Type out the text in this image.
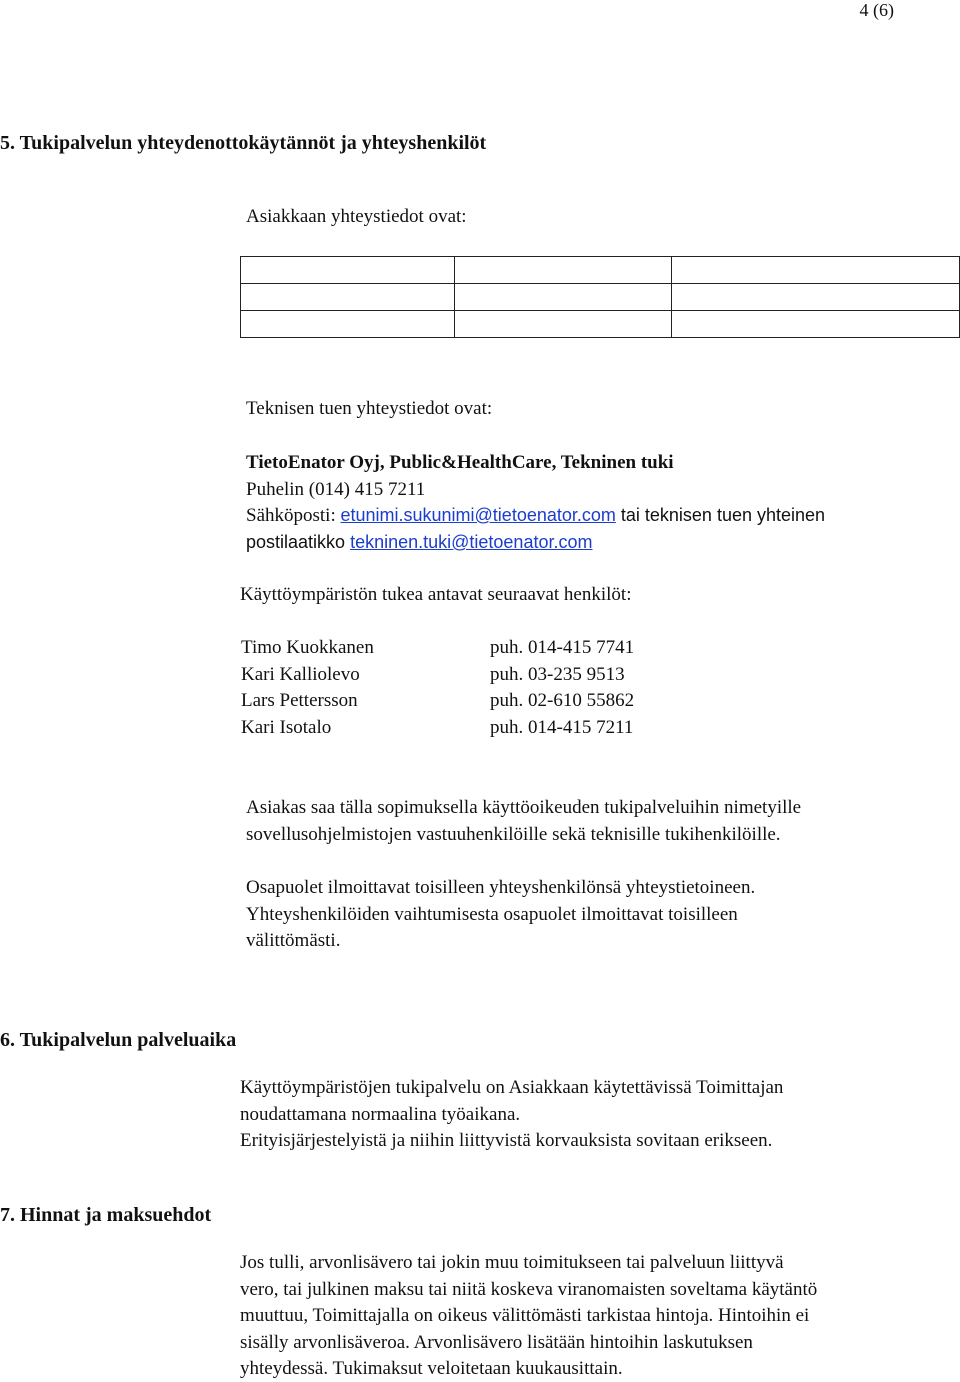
4 (6)
5. Tukipalvelun yhteydenottokäytännöt ja yhteyshenkilöt
Asiakkaan yhteystiedot ovat:

Teknisen tuen yhteystiedot ovat:
TietoEnator Oyj, Public&HealthCare, Tekninen tuki
Puhelin (014) 415 7211
Sähköposti: etunimi.sukunimi@tietoenator.com tai teknisen tuen yhteinen
postilaatikko tekninen.tuki@tietoenator.com
Käyttöympäristön tukea antavat seuraavat henkilöt:
Timo Kuokkanen	puh. 014-415 7741
Kari Kalliolevo	puh. 03-235 9513
Lars Pettersson	puh. 02-610 55862
Kari Isotalo	puh. 014-415 7211
Asiakas saa tälla sopimuksella käyttöoikeuden tukipalveluihin nimetyille
sovellusohjelmistojen vastuuhenkilöille sekä teknisille tukihenkilöille.
Osapuolet ilmoittavat toisilleen yhteyshenkilönsä yhteystietoineen.
Yhteyshenkilöiden vaihtumisesta osapuolet ilmoittavat toisilleen
välittömästi.
6. Tukipalvelun palveluaika
Käyttöympäristöjen tukipalvelu on Asiakkaan käytettävissä Toimittajan
noudattamana normaalina työaikana.
Erityisjärjestelyistä ja niihin liittyvistä korvauksista sovitaan erikseen.
7. Hinnat ja maksuehdot
Jos tulli, arvonlisävero tai jokin muu toimitukseen tai palveluun liittyvä
vero, tai julkinen maksu tai niitä koskeva viranomaisten soveltama käytäntö
muuttuu, Toimittajalla on oikeus välittömästi tarkistaa hintoja. Hintoihin ei
sisälly arvonlisäveroa. Arvonlisävero lisätään hintoihin laskutuksen
yhteydessä. Tukimaksut veloitetaan kuukausittain.
